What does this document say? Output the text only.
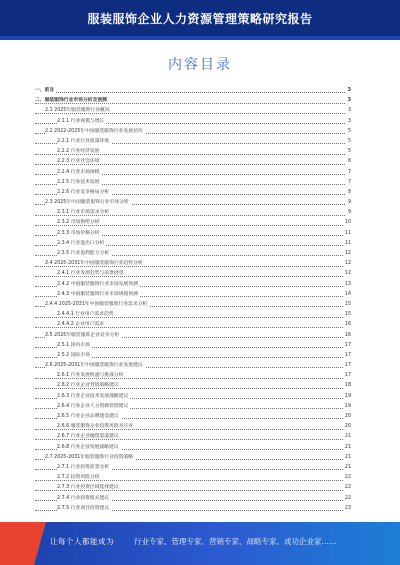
服装服饰企业人力资源管理策略研究报告
内容目录
一、前言	3
二、服装服饰行业市场分析及预测	3
2.1 2025年服装服饰行业概况	3
2.1.1 行业规模与增长	3
2.2 2022-2025年中国服装服饰行业发展状况	5
2.2.1 行业行业政策环境	5
2.2.2 行业经济发展	5
2.2.3 行业社会环境	6
2.2.4 行业市场规模	7
2.2.5 行业技术发展	7
2.2.6 行业竞争格局分析	8
2.3 2025年中国服装服饰行业市场分析	9
2.3.1 行业市场需求分析	9
2.3.2 市场供给分析	10
2.3.3 市场价格分析	11
2.3.4 行业进出口分析	11
2.3.5 行业盈利能力分析	12
2.4 2025-2031年中国服装服饰行业趋势分析	12
2.4.1 行业发展趋势与前景展望	12
2.4.2 中国服装服饰行业市场发展预测	13
2.4.3 中国服装服饰行业市场规模预测	14
2.4.4 2025-2031年中国服装服饰行业需求分析	15
2.4.4.1 行业用户需求趋势	15
2.4.4.2 企业用户需求	16
2.5 2025年服装服饰企业竞争分析	16
2.5.1 国内市场	17
2.5.2 国际市场	17
2.6 2025-2031年中国服装服饰行业发展建议	17
2.6.1 行业发展机遇与挑战分析	17
2.6.2 行业企业营销策略建议	18
2.6.3 行业企业技术发展战略建议	19
2.6.4 行业企业人力资源管理建议	19
2.6.5 行业企业品牌建设建议	20
2.6.6 服装服饰企业投资风险及应对	20
2.6.7 行业企业融资渠道建议	21
2.6.8 行业企业发展战略建议	21
2.7 2025-2031年服装服饰行业投资策略	21
2.7.1 行业投资前景分析	21
2.7.2 投资风险分析	22
2.7.3 行业投资区域选择建议	22
2.7.4 行业投资模式建议	22
2.7.5 行业项目投资建议	23
让每个人都能成为	行业专家、管理专家、营销专家、战略专家、成功企业家……
